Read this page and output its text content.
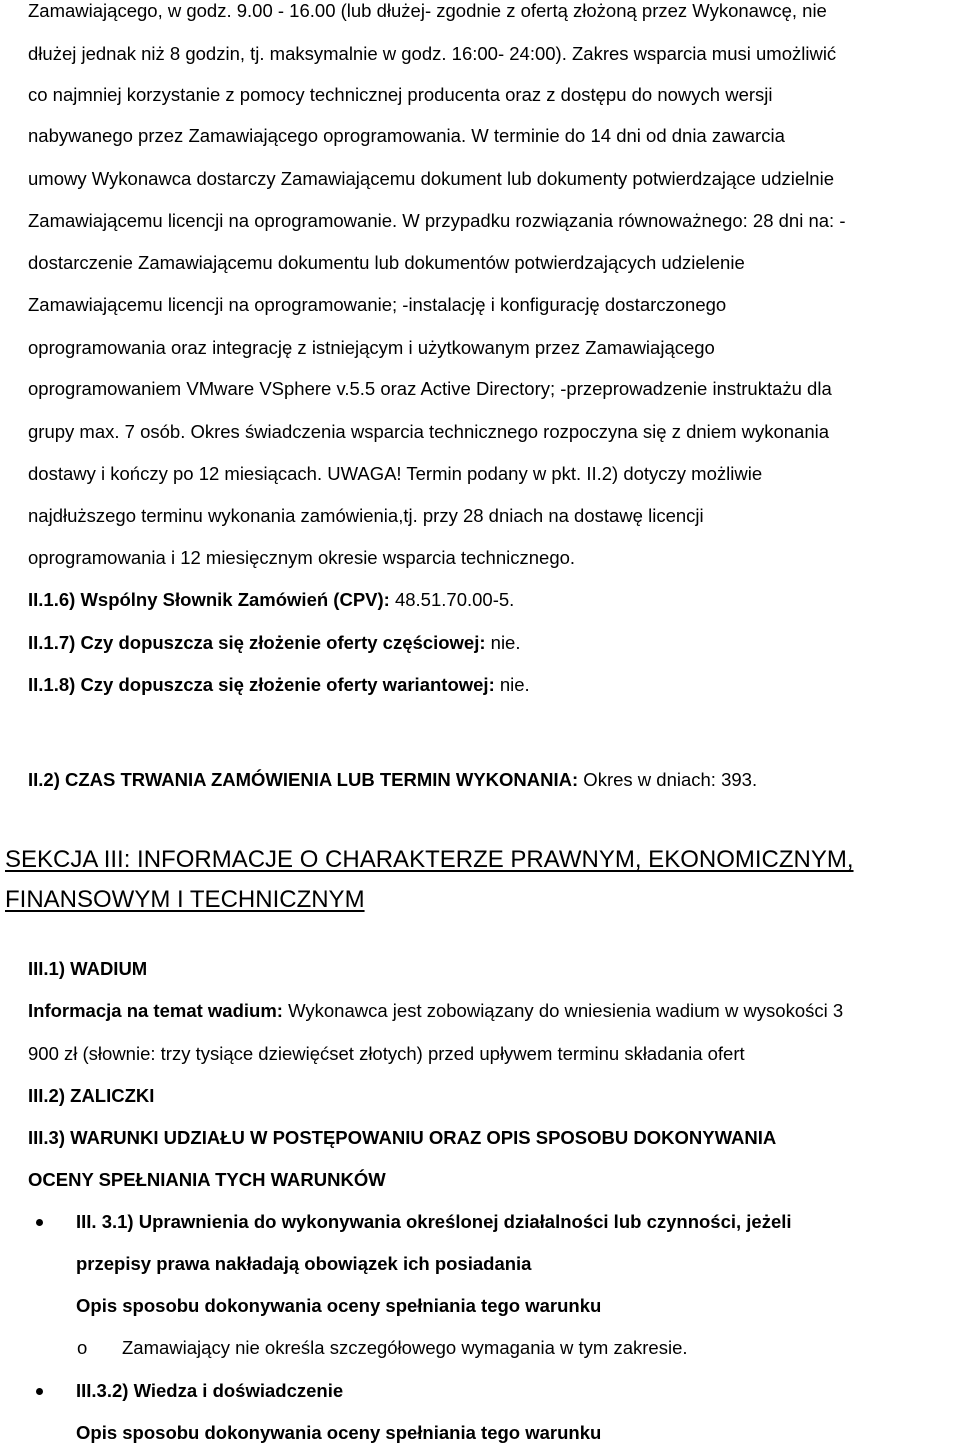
Zamawiającego, w godz. 9.00 - 16.00 (lub dłużej- zgodnie z ofertą złożoną przez Wykonawcę, nie
dłużej jednak niż 8 godzin, tj. maksymalnie w godz. 16:00- 24:00). Zakres wsparcia musi umożliwić
co najmniej korzystanie z pomocy technicznej producenta oraz z dostępu do nowych wersji
nabywanego przez Zamawiającego oprogramowania. W terminie do 14 dni od dnia zawarcia
umowy Wykonawca dostarczy Zamawiającemu dokument lub dokumenty potwierdzające udzielnie
Zamawiającemu licencji na oprogramowanie. W przypadku rozwiązania równoważnego: 28 dni na: -
dostarczenie Zamawiającemu dokumentu lub dokumentów potwierdzających udzielenie
Zamawiającemu licencji na oprogramowanie; -instalację i konfigurację dostarczonego
oprogramowania oraz integrację z istniejącym i użytkowanym przez Zamawiającego
oprogramowaniem VMware VSphere v.5.5 oraz Active Directory; -przeprowadzenie instruktażu dla
grupy max. 7 osób. Okres świadczenia wsparcia technicznego rozpoczyna się z dniem wykonania
dostawy i kończy po 12 miesiącach. UWAGA! Termin podany w pkt. II.2) dotyczy możliwie
najdłuższego terminu wykonania zamówienia,tj. przy 28 dniach na dostawę licencji
oprogramowania i 12 miesięcznym okresie wsparcia technicznego.
II.1.6) Wspólny Słownik Zamówień (CPV): 48.51.70.00-5.
II.1.7) Czy dopuszcza się złożenie oferty częściowej: nie.
II.1.8) Czy dopuszcza się złożenie oferty wariantowej: nie.
II.2) CZAS TRWANIA ZAMÓWIENIA LUB TERMIN WYKONANIA: Okres w dniach: 393.
SEKCJA III: INFORMACJE O CHARAKTERZE PRAWNYM, EKONOMICZNYM,
FINANSOWYM I TECHNICZNYM
III.1) WADIUM
Informacja na temat wadium: Wykonawca jest zobowiązany do wniesienia wadium w wysokości 3
900 zł (słownie: trzy tysiące dziewięćset złotych) przed upływem terminu składania ofert
III.2) ZALICZKI
III.3) WARUNKI UDZIAŁU W POSTĘPOWANIU ORAZ OPIS SPOSOBU DOKONYWANIA
OCENY SPEŁNIANIA TYCH WARUNKÓW
III. 3.1) Uprawnienia do wykonywania określonej działalności lub czynności, jeżeli
przepisy prawa nakładają obowiązek ich posiadania
Opis sposobu dokonywania oceny spełniania tego warunku
o Zamawiający nie określa szczegółowego wymagania w tym zakresie.
III.3.2) Wiedza i doświadczenie
Opis sposobu dokonywania oceny spełniania tego warunku
